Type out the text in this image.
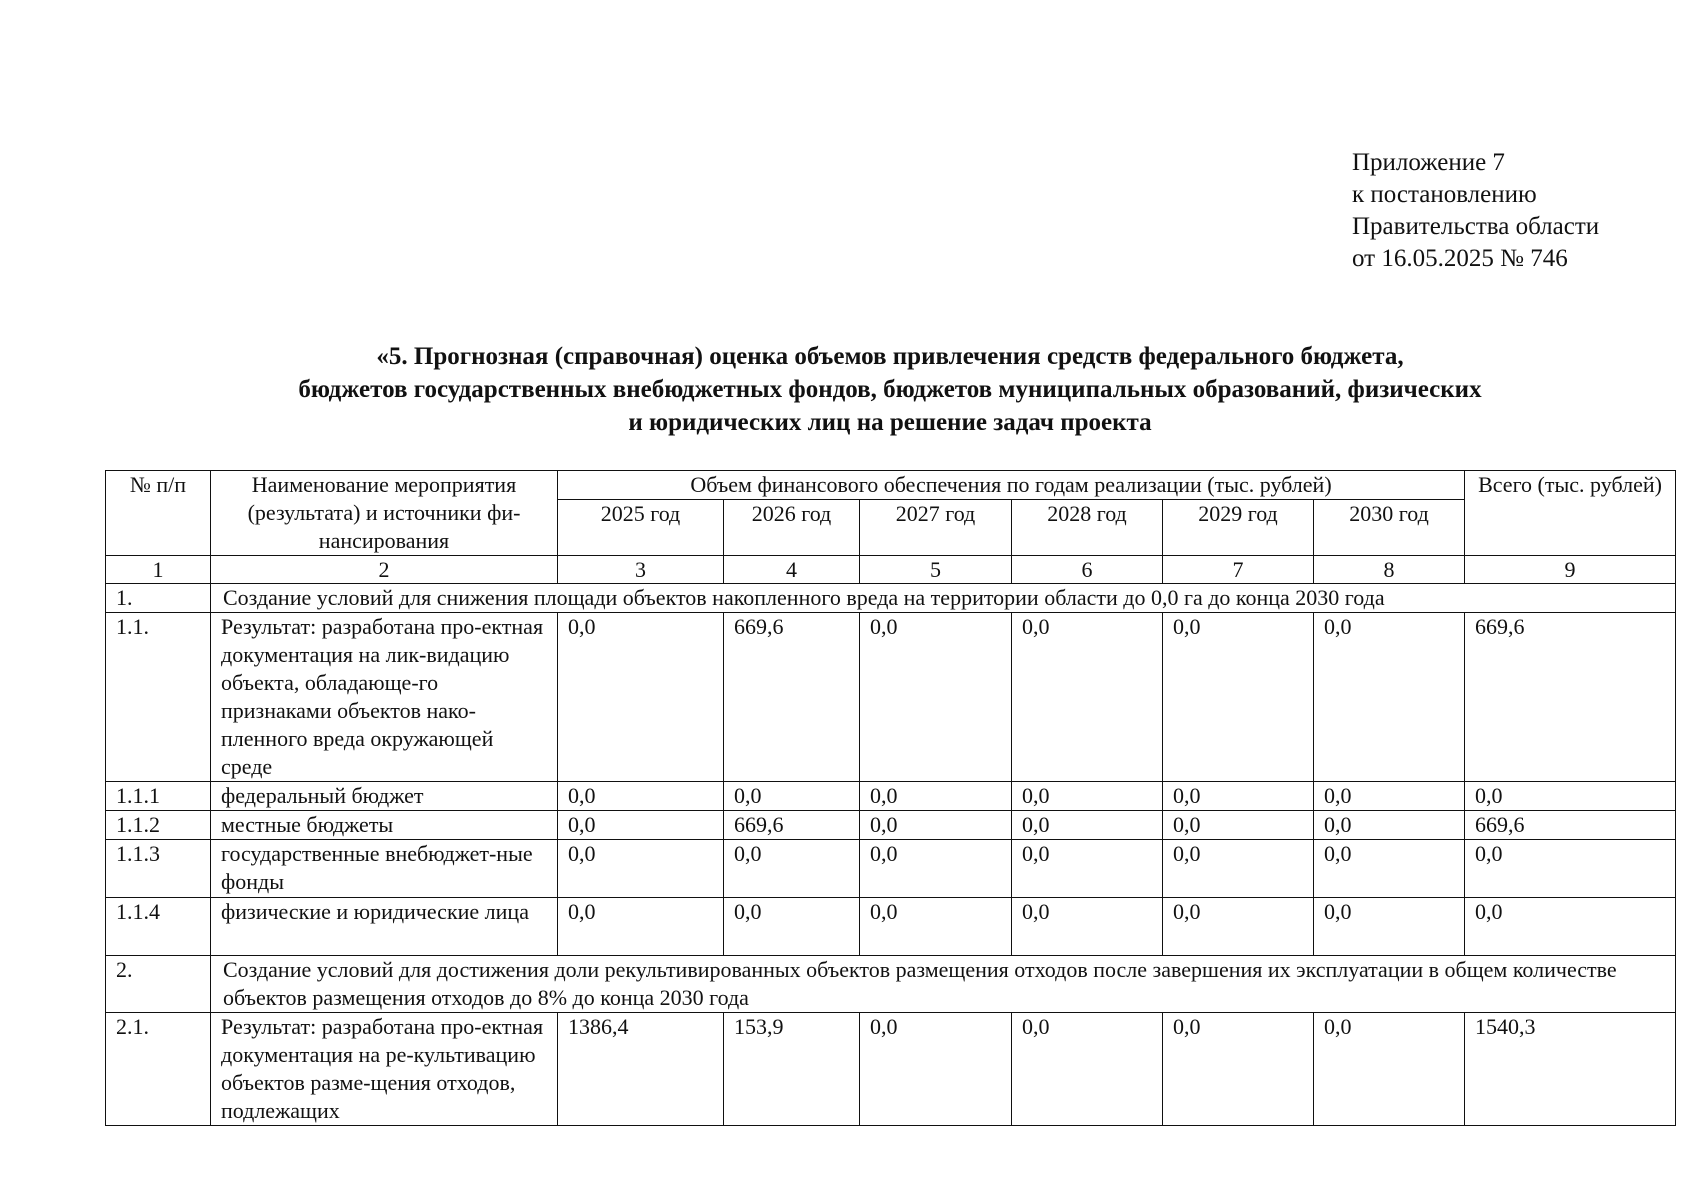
Приложение 7
к постановлению
Правительства области
от 16.05.2025 № 746
«5. Прогнозная (справочная) оценка объемов привлечения средств федерального бюджета,
бюджетов государственных внебюджетных фондов, бюджетов муниципальных образований, физических
и юридических лиц на решение задач проекта
№ п/п	Наименование мероприятия (результата) и источники фи-нансирования	Объем финансового обеспечения по годам реализации (тыс. рублей)						Всего (тыс. рублей)
		2025 год	2026 год	2027 год	2028 год	2029 год	2030 год	
1	2	3	4	5	6	7	8	9
1.	Создание условий для снижения площади объектов накопленного вреда на территории области до 0,0 га до конца 2030 года							
1.1.	Результат: разработана про-ектная документация на лик-видацию объекта, обладающе-го признаками объектов нако-пленного вреда окружающей среде	0,0	669,6	0,0	0,0	0,0	0,0	669,6
1.1.1	федеральный бюджет	0,0	0,0	0,0	0,0	0,0	0,0	0,0
1.1.2	местные бюджеты	0,0	669,6	0,0	0,0	0,0	0,0	669,6
1.1.3	государственные внебюджет-ные фонды	0,0	0,0	0,0	0,0	0,0	0,0	0,0
1.1.4	физические и юридические лица	0,0	0,0	0,0	0,0	0,0	0,0	0,0
2.	Создание условий для достижения доли рекультивированных объектов размещения отходов после завершения их эксплуатации в общем количестве объектов размещения отходов до 8% до конца 2030 года							
2.1.	Результат: разработана про-ектная документация на ре-культивацию объектов разме-щения отходов, подлежащих	1386,4	153,9	0,0	0,0	0,0	0,0	1540,3
